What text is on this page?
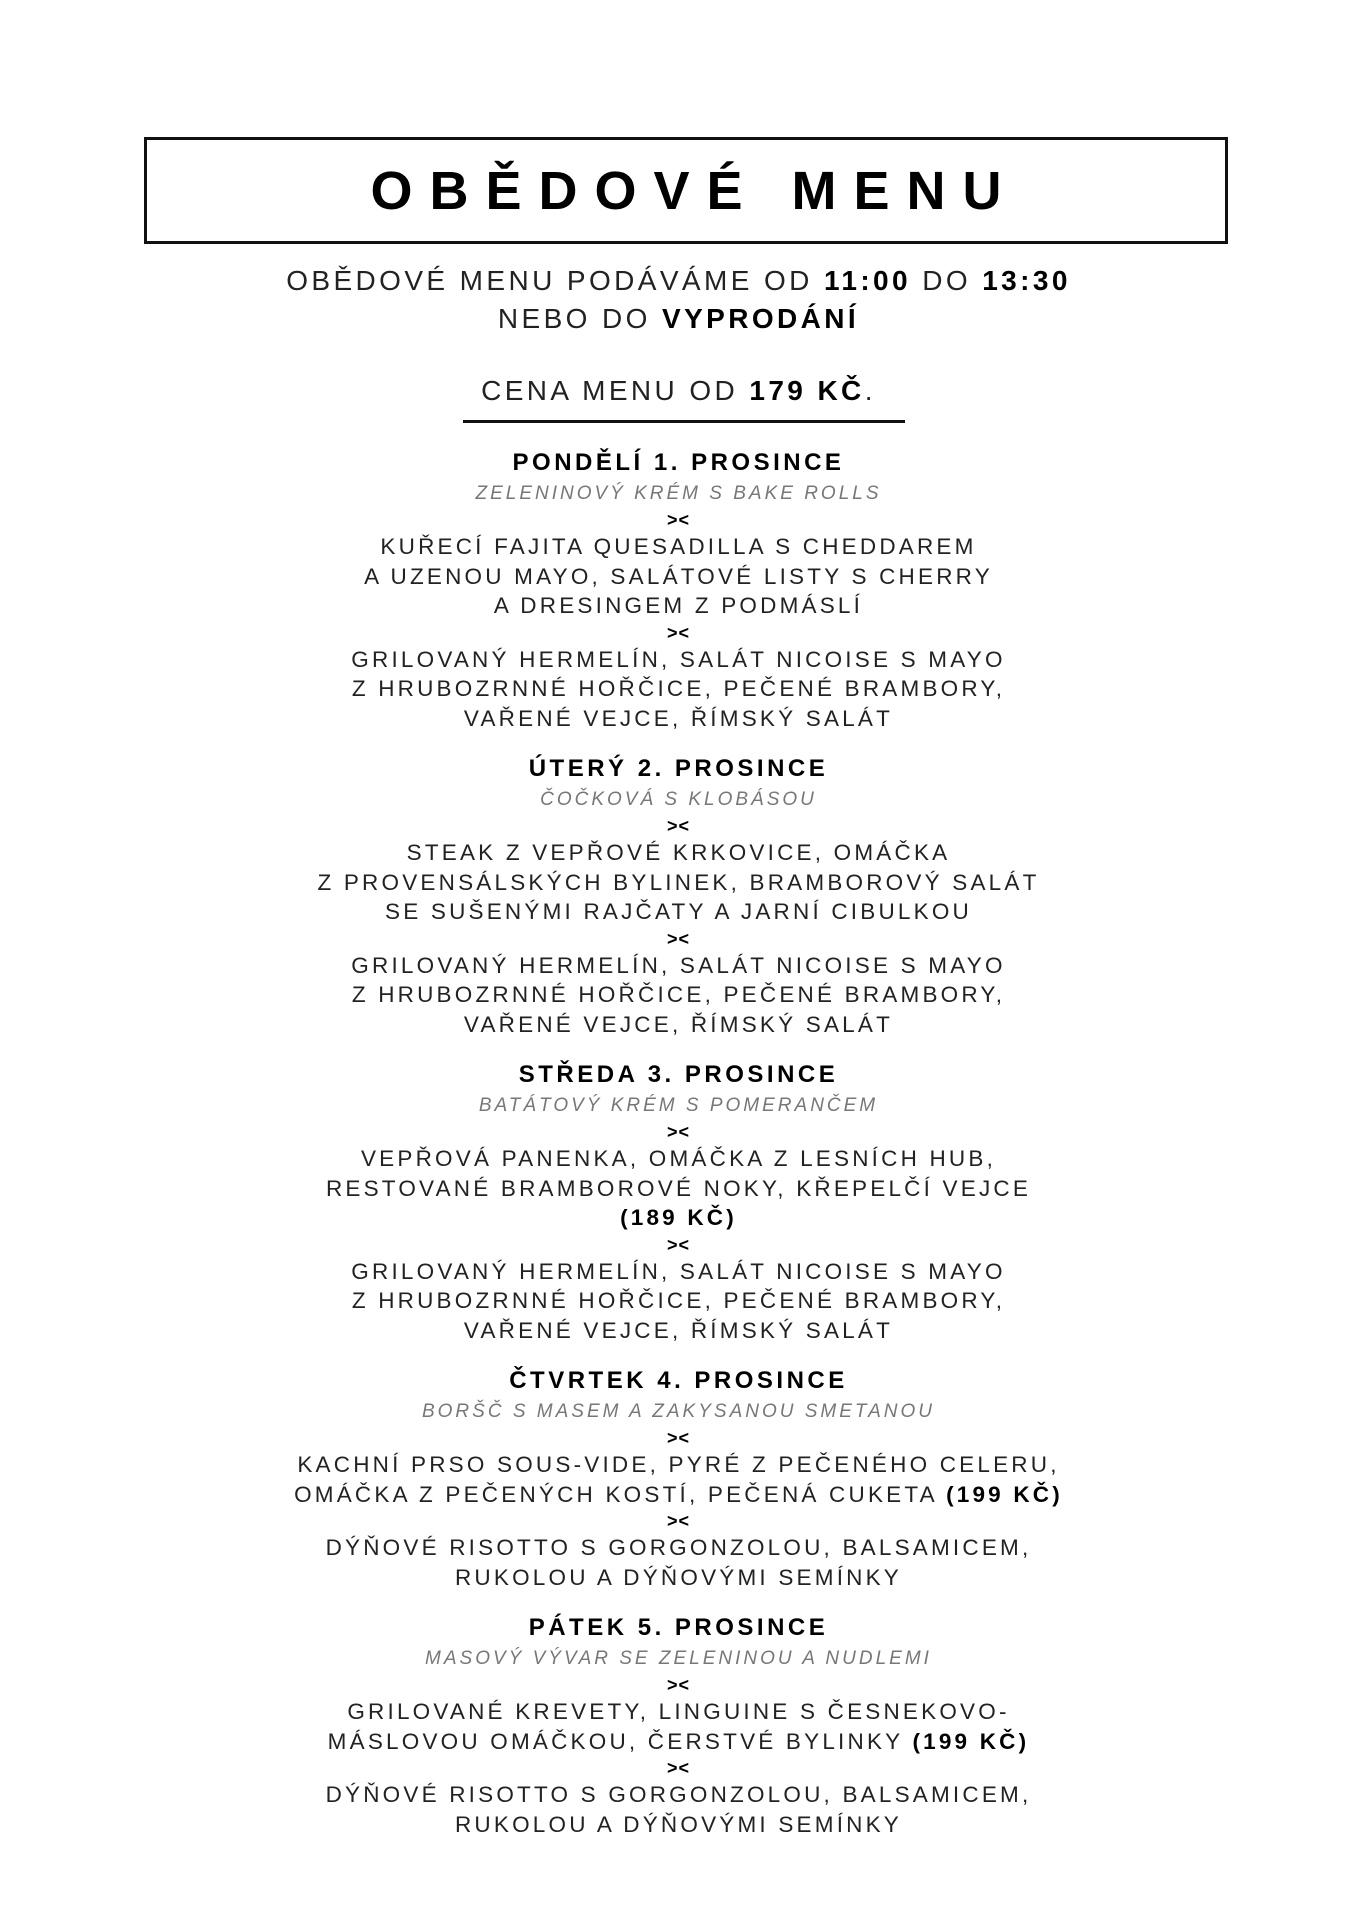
OBĚDOVÉ MENU
OBĚDOVÉ MENU PODÁVÁME OD 11:00 DO 13:30
NEBO DO VYPRODÁNÍ
CENA MENU OD 179 KČ.
PONDĚLÍ 1. PROSINCE
ZELENINOVÝ KRÉM S BAKE ROLLS
><
KUŘECÍ FAJITA QUESADILLA S CHEDDAREM
A UZENOU MAYO, SALÁTOVÉ LISTY S CHERRY
A DRESINGEM Z PODMÁSLÍ
><
GRILOVANÝ HERMELÍN, SALÁT NICOISE S MAYO
Z HRUBOZRNNÉ HOŘČICE, PEČENÉ BRAMBORY,
VAŘENÉ VEJCE, ŘÍMSKÝ SALÁT
ÚTERÝ 2. PROSINCE
ČOČKOVÁ S KLOBÁSOU
><
STEAK Z VEPŘOVÉ KRKOVICE, OMÁČKA
Z PROVENSÁLSKÝCH BYLINEK, BRAMBOROVÝ SALÁT
SE SUŠENÝMI RAJČATY A JARNÍ CIBULKOU
><
GRILOVANÝ HERMELÍN, SALÁT NICOISE S MAYO
Z HRUBOZRNNÉ HOŘČICE, PEČENÉ BRAMBORY,
VAŘENÉ VEJCE, ŘÍMSKÝ SALÁT
STŘEDA 3. PROSINCE
BATÁTOVÝ KRÉM S POMERANČEM
><
VEPŘOVÁ PANENKA, OMÁČKA Z LESNÍCH HUB,
RESTOVANÉ BRAMBOROVÉ NOKY, KŘEPELČÍ VEJCE
(189 KČ)
><
GRILOVANÝ HERMELÍN, SALÁT NICOISE S MAYO
Z HRUBOZRNNÉ HOŘČICE, PEČENÉ BRAMBORY,
VAŘENÉ VEJCE, ŘÍMSKÝ SALÁT
ČTVRTEK 4. PROSINCE
BORŠČ S MASEM A ZAKYSANOU SMETANOU
><
KACHNÍ PRSO SOUS-VIDE, PYRÉ Z PEČENÉHO CELERU,
OMÁČKA Z PEČENÝCH KOSTÍ, PEČENÁ CUKETA (199 KČ)
><
DÝŇOVÉ RISOTTO S GORGONZOLOU, BALSAMICEM,
RUKOLOU A DÝŇOVÝMI SEMÍNKY
PÁTEK 5. PROSINCE
MASOVÝ VÝVAR SE ZELENINOU A NUDLEMI
><
GRILOVANÉ KREVETY, LINGUINE S ČESNEKOVO-
MÁSLOVOU OMÁČKOU, ČERSTVÉ BYLINKY (199 KČ)
><
DÝŇOVÉ RISOTTO S GORGONZOLOU, BALSAMICEM,
RUKOLOU A DÝŇOVÝMI SEMÍNKY
